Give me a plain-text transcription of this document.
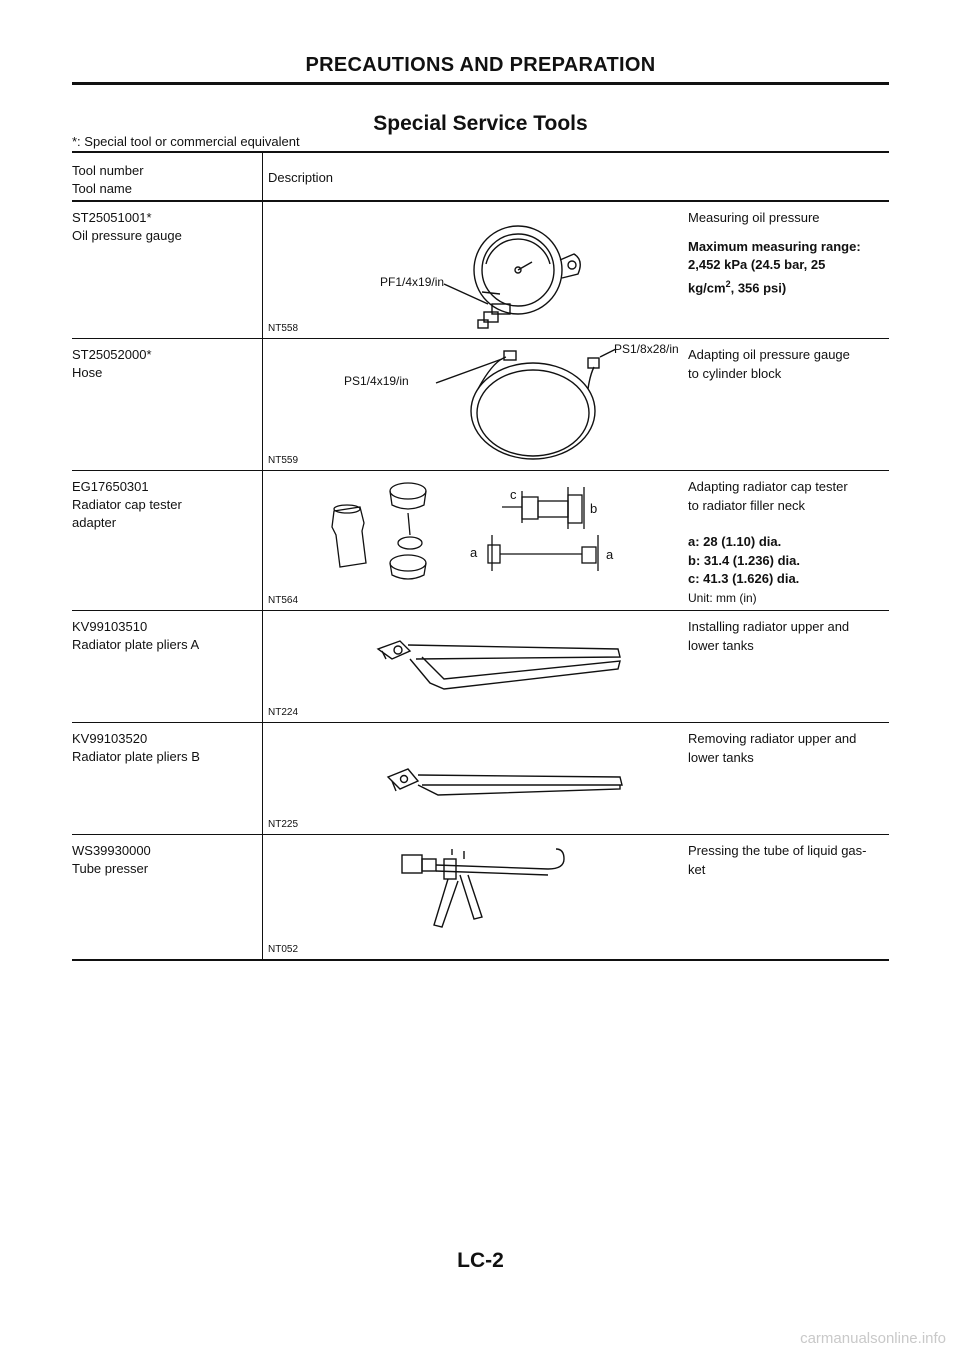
PRECAUTIONS AND PREPARATION
Special Service Tools
*: Special tool or commercial equivalent
Tool number
Tool name
Description
ST25051001*
Oil pressure gauge
PF1/4x19/in
NT558
Measuring oil pressure
Maximum measuring range:
2,452 kPa (24.5 bar, 25
$kg/cm^2$, 356 psi)
ST25052000*
Hose
PS1/4x19/in
PS1/8x28/in
NT559
Adapting oil pressure gauge
to cylinder block
EG17650301
Radiator cap tester
adapter
c
b
a	a
NT564
Adapting radiator cap tester
to radiator filler neck
a: 28 (1.10) dia.
b: 31.4 (1.236) dia.
c: 41.3 (1.626) dia.
Unit: mm (in)
KV99103510
Radiator plate pliers A
NT224
Installing radiator upper and
lower tanks
KV99103520
Radiator plate pliers B
NT225
Removing radiator upper and
lower tanks
WS39930000
Tube presser
NT052
Pressing the tube of liquid gas-
ket
LC-2
carmanualsonline.info
